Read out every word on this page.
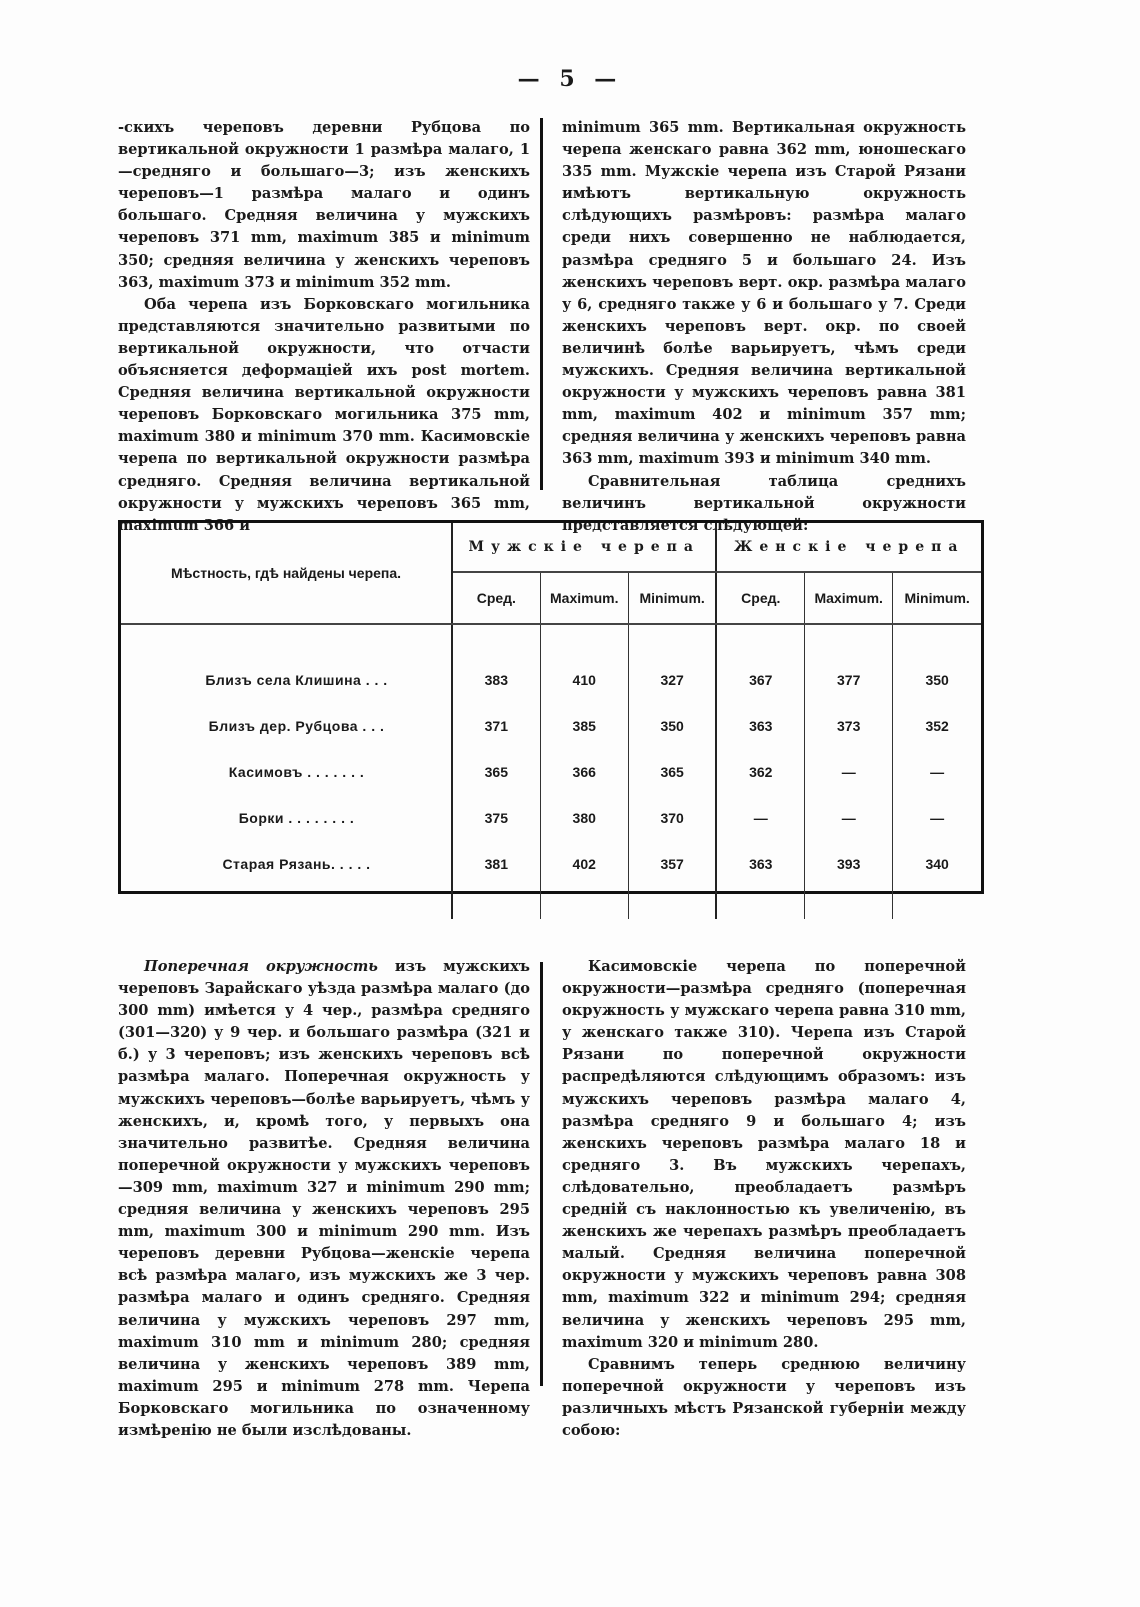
— 5 —

-скихъ череповъ деревни Рубцова по вертикальной окружности 1 размѣра малаго, 1—средняго и большаго—3; изъ женскихъ череповъ—1 размѣра малаго и одинъ большаго. Средняя величина у мужскихъ череповъ 371 mm, maximum 385 и minimum 350; средняя величина у женскихъ череповъ 363, maximum 373 и minimum 352 mm.

Оба черепа изъ Борковскаго могильника представляются значительно развитыми по вертикальной окружности, что отчасти объясняется деформаціей ихъ post mortem. Средняя величина вертикальной окружности череповъ Борковскаго могильника 375 mm, maximum 380 и minimum 370 mm. Касимовскіе черепа по вертикальной окружности размѣра средняго. Средняя величина вертикальной окружности у мужскихъ череповъ 365 mm, maximum 366 и

minimum 365 mm. Вертикальная окружность черепа женскаго равна 362 mm, юношескаго 335 mm. Мужскіе черепа изъ Старой Рязани имѣютъ вертикальную окружность слѣдующихъ размѣровъ: размѣра малаго среди нихъ совершенно не наблюдается, размѣра средняго 5 и большаго 24. Изъ женскихъ череповъ верт. окр. размѣра малаго у 6, средняго также у 6 и большаго у 7. Среди женскихъ череповъ верт. окр. по своей величинѣ болѣе варьируетъ, чѣмъ среди мужскихъ. Средняя величина вертикальной окружности у мужскихъ череповъ равна 381 mm, maximum 402 и minimum 357 mm; средняя величина у женскихъ череповъ равна 363 mm, maximum 393 и minimum 340 mm.

Сравнительная таблица среднихъ величинъ вертикальной окружности представляется слѣдующей:

Мѣстность, гдѣ найдены черепа.	Мужскіе черепа			Женскіе черепа		
	Сред.	Maximum.	Minimum.	Сред.	Maximum.	Minimum.

Близъ села Клишина . . .	383	410	327	367	377	350
Близъ дер. Рубцова . . .	371	385	350	363	373	352
Касимовъ . . . . . . .	365	366	365	362	—	—
Борки . . . . . . . .	375	380	370	—	—	—
Старая Рязань. . . . .	381	402	357	363	393	340

Поперечная окружность изъ мужскихъ череповъ Зарайскаго уѣзда размѣра малаго (до 300 mm) имѣется у 4 чер., размѣра средняго (301—320) у 9 чер. и большаго размѣра (321 и б.) у 3 череповъ; изъ женскихъ череповъ всѣ размѣра малаго. Поперечная окружность у мужскихъ череповъ—болѣе варьируетъ, чѣмъ у женскихъ, и, кромѣ того, у первыхъ она значительно развитѣе. Средняя величина поперечной окружности у мужскихъ череповъ—309 mm, maximum 327 и minimum 290 mm; средняя величина у женскихъ череповъ 295 mm, maximum 300 и minimum 290 mm. Изъ череповъ деревни Рубцова—женскіе черепа всѣ размѣра малаго, изъ мужскихъ же 3 чер. размѣра малаго и одинъ средняго. Средняя величина у мужскихъ череповъ 297 mm, maximum 310 mm и minimum 280; средняя величина у женскихъ череповъ 389 mm, maximum 295 и minimum 278 mm. Черепа Борковскаго могильника по означенному измѣренію не были изслѣдованы.

Касимовскіе черепа по поперечной окружности—размѣра средняго (поперечная окружность у мужскаго черепа равна 310 mm, у женскаго также 310). Черепа изъ Старой Рязани по поперечной окружности распредѣляются слѣдующимъ образомъ: изъ мужскихъ череповъ размѣра малаго 4, размѣра средняго 9 и большаго 4; изъ женскихъ череповъ размѣра малаго 18 и средняго 3. Въ мужскихъ черепахъ, слѣдовательно, преобладаетъ размѣръ средній съ наклонностью къ увеличенію, въ женскихъ же черепахъ размѣръ преобладаетъ малый. Средняя величина поперечной окружности у мужскихъ череповъ равна 308 mm, maximum 322 и minimum 294; средняя величина у женскихъ череповъ 295 mm, maximum 320 и minimum 280.

Сравнимъ теперь среднюю величину поперечной окружности у череповъ изъ различныхъ мѣстъ Рязанской губерніи между собою:
